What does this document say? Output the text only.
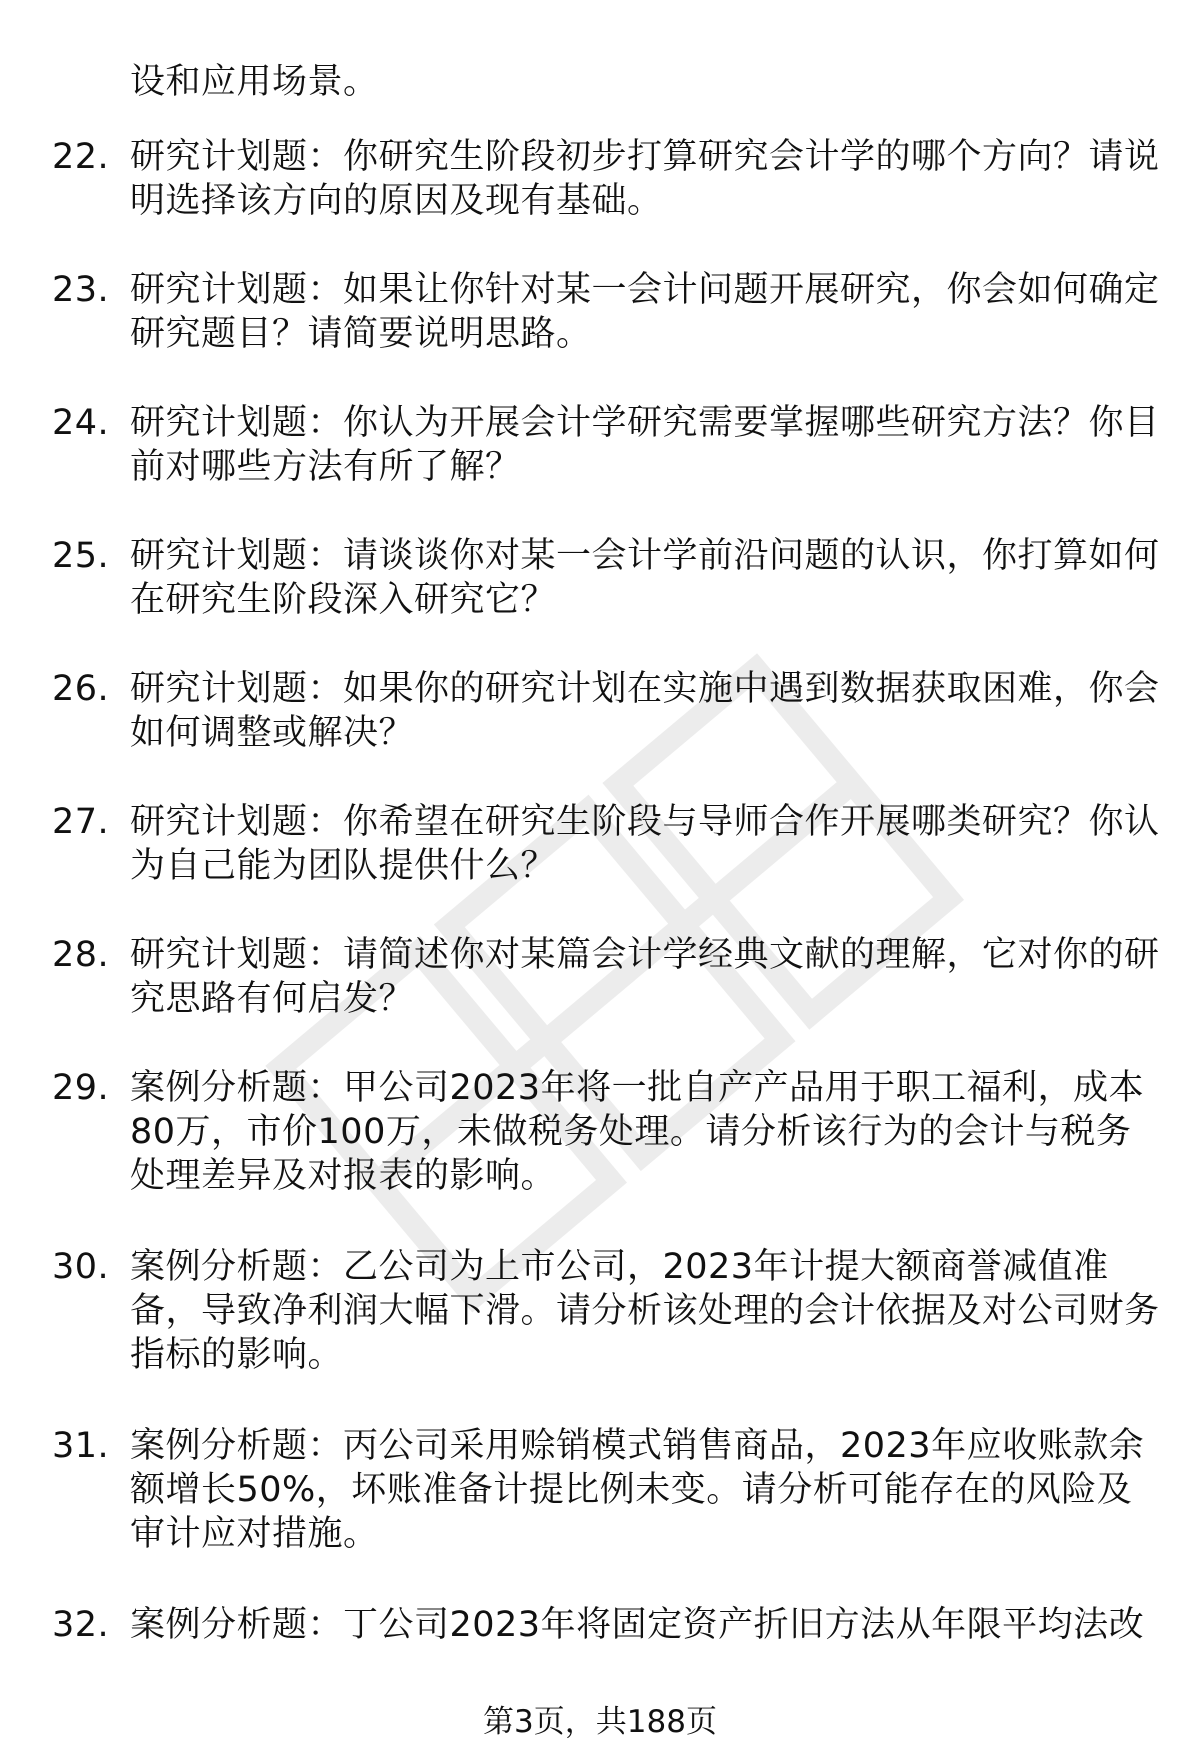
设和应用场景。
22. 研究计划题：你研究生阶段初步打算研究会计学的哪个方向？请说明选择该方向的原因及现有基础。
23. 研究计划题：如果让你针对某一会计问题开展研究，你会如何确定研究题目？请简要说明思路。
24. 研究计划题：你认为开展会计学研究需要掌握哪些研究方法？你目前对哪些方法有所了解？
25. 研究计划题：请谈谈你对某一会计学前沿问题的认识，你打算如何在研究生阶段深入研究它？
26. 研究计划题：如果你的研究计划在实施中遇到数据获取困难，你会如何调整或解决？
27. 研究计划题：你希望在研究生阶段与导师合作开展哪类研究？你认为自己能为团队提供什么？
28. 研究计划题：请简述你对某篇会计学经典文献的理解，它对你的研究思路有何启发？
29. 案例分析题：甲公司2023年将一批自产产品用于职工福利，成本80万，市价100万，未做税务处理。请分析该行为的会计与税务处理差异及对报表的影响。
30. 案例分析题：乙公司为上市公司，2023年计提大额商誉减值准备，导致净利润大幅下滑。请分析该处理的会计依据及对公司财务指标的影响。
31. 案例分析题：丙公司采用赊销模式销售商品，2023年应收账款余额增长50%，坏账准备计提比例未变。请分析可能存在的风险及审计应对措施。
32. 案例分析题：丁公司2023年将固定资产折旧方法从年限平均法改
第3页，共188页
